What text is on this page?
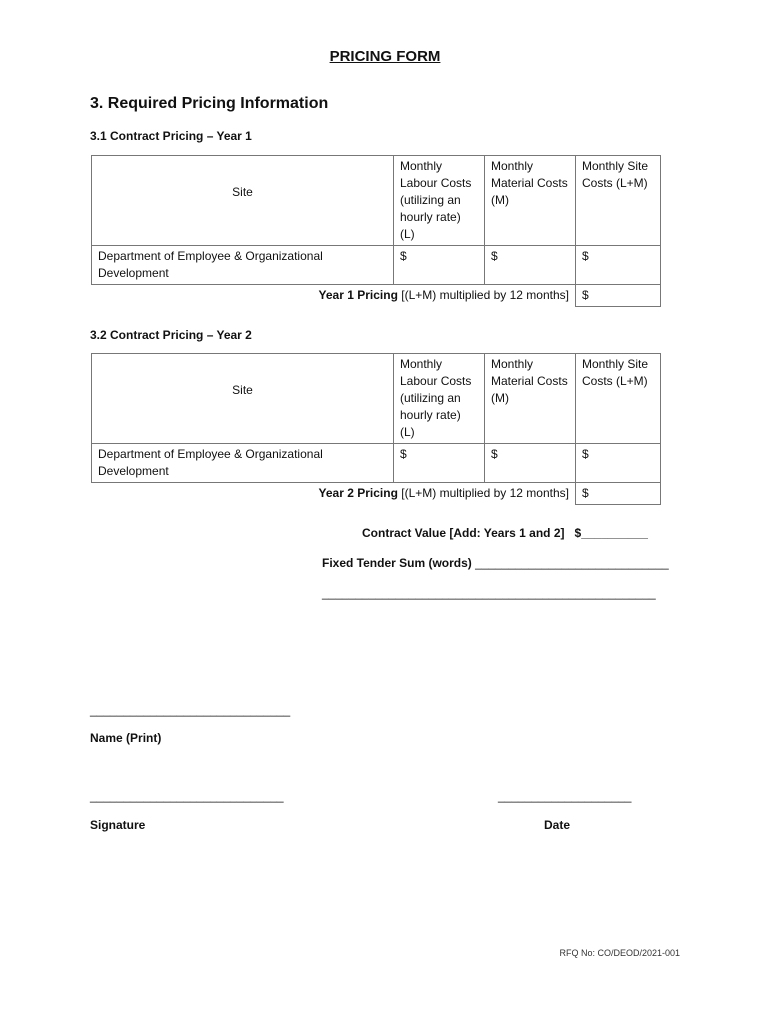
PRICING FORM
3. Required Pricing Information
3.1 Contract Pricing – Year 1
Site	Monthly Labour Costs (utilizing an hourly rate) (L)	Monthly Material Costs (M)	Monthly Site Costs (L+M)
Department of Employee & Organizational Development	$	$	$
Year 1 Pricing [(L+M) multiplied by 12 months]			$
3.2 Contract Pricing – Year 2
Site	Monthly Labour Costs (utilizing an hourly rate) (L)	Monthly Material Costs (M)	Monthly Site Costs (L+M)
Department of Employee & Organizational Development	$	$	$
Year 2 Pricing [(L+M) multiplied by 12 months]			$
Contract Value [Add: Years 1 and 2] $__________
Fixed Tender Sum (words) _____________________________
__________________________________________________
______________________________
Name (Print)
_____________________________
Signature
____________________
Date
RFQ No: CO/DEOD/2021-001
